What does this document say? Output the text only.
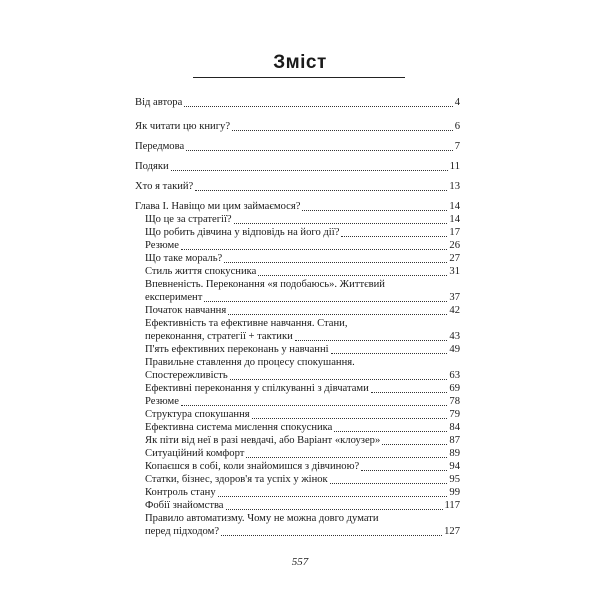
Зміст
Від автора	4
Як читати цю книгу?	6
Передмова	7
Подяки	11
Хто я такий?	13
Глава I. Навіщо ми цим займаємося?	14
Що це за стратегії?	14
Що робить дівчина у відповідь на його дії?	17
Резюме	26
Що таке мораль?	27
Стиль життя спокусника	31
Впевненість. Переконання «я подобаюсь». Життєвий
експеримент	37
Початок навчання	42
Ефективність та ефективне навчання. Стани,
переконання, стратегії + тактики	43
П'ять ефективних переконань у навчанні	49
Правильне ставлення до процесу спокушання.
Спостережливість	63
Ефективні переконання у спілкуванні з дівчатами	69
Резюме	78
Структура спокушання	79
Ефективна система мислення спокусника	84
Як піти від неї в разі невдачі, або Варіант «клоузер»	87
Ситуаційний комфорт	89
Копаєшся в собі, коли знайомишся з дівчиною?	94
Статки, бізнес, здоров'я та успіх у жінок	95
Контроль стану	99
Фобії знайомства	117
Правило автоматизму. Чому не можна довго думати
перед підходом?	127
557
